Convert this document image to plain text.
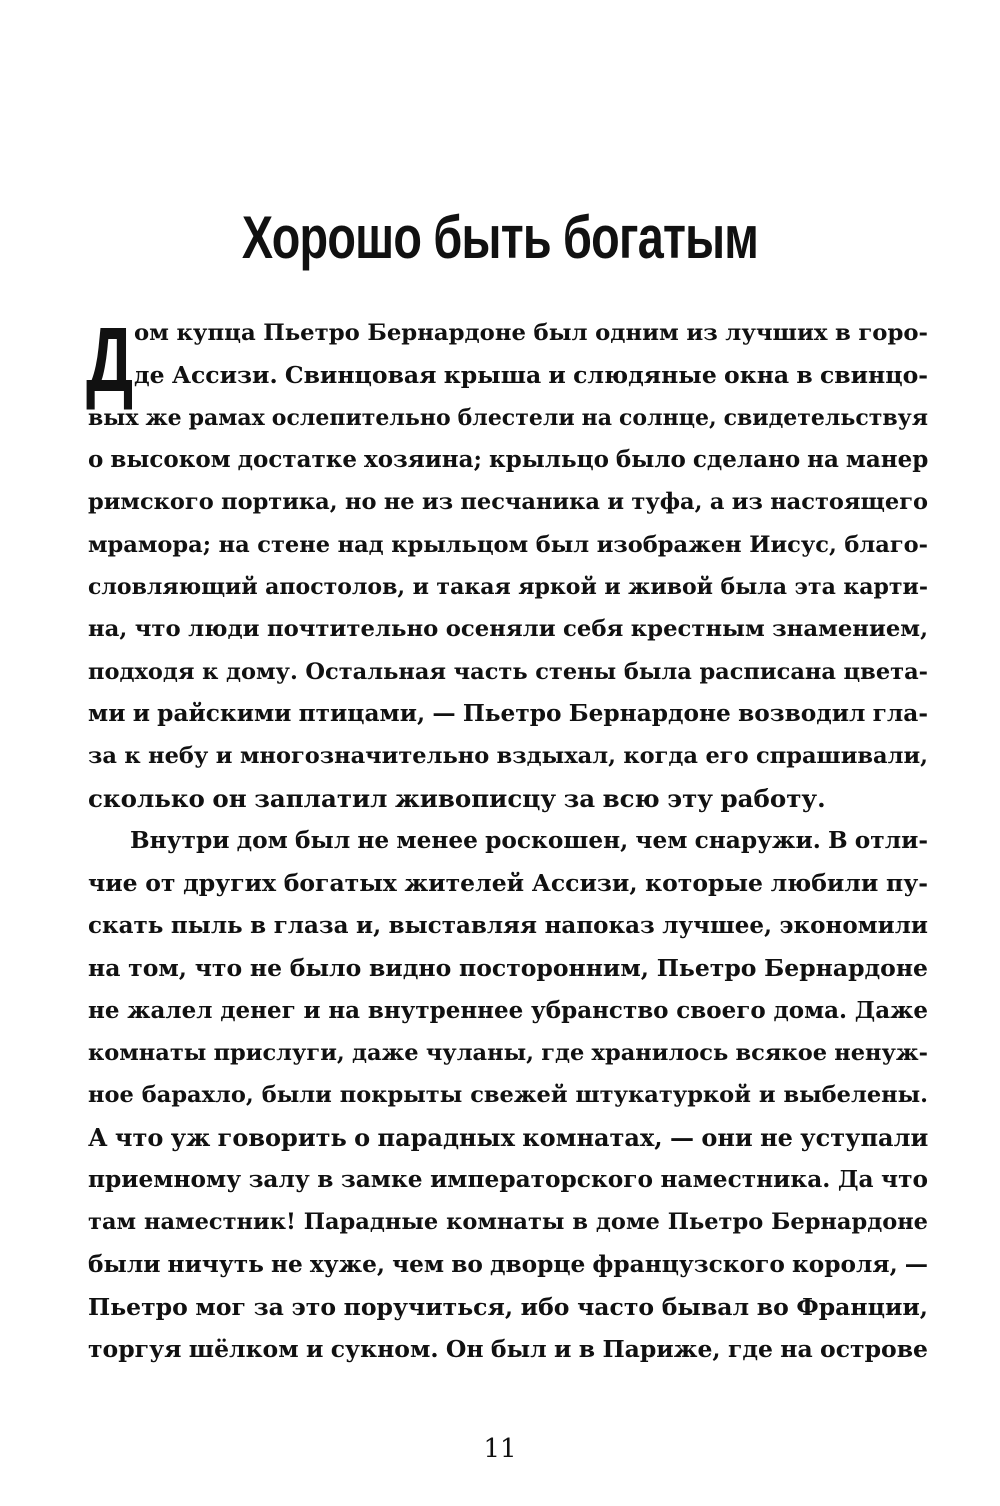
Хорошо быть богатым
Д ом купца Пьетро Бернардоне был одним из лучших в горо-
де Ассизи. Свинцовая крыша и слюдяные окна в свинцо-
вых же рамах ослепительно блестели на солнце, свидетельствуя
о высоком достатке хозяина; крыльцо было сделано на манер
римского портика, но не из песчаника и туфа, а из настоящего
мрамора; на стене над крыльцом был изображен Иисус, благо-
словляющий апостолов, и такая яркой и живой была эта карти-
на, что люди почтительно осеняли себя крестным знамением,
подходя к дому. Остальная часть стены была расписана цвета-
ми и райскими птицами, — Пьетро Бернардоне возводил гла-
за к небу и многозначительно вздыхал, когда его спрашивали,
сколько он заплатил живописцу за всю эту работу.
Внутри дом был не менее роскошен, чем снаружи. В отли-
чие от других богатых жителей Ассизи, которые любили пу-
скать пыль в глаза и, выставляя напоказ лучшее, экономили
на том, что не было видно посторонним, Пьетро Бернардоне
не жалел денег и на внутреннее убранство своего дома. Даже
комнаты прислуги, даже чуланы, где хранилось всякое ненуж-
ное барахло, были покрыты свежей штукатуркой и выбелены.
А что уж говорить о парадных комнатах, — они не уступали
приемному залу в замке императорского наместника. Да что
там наместник! Парадные комнаты в доме Пьетро Бернардоне
были ничуть не хуже, чем во дворце французского короля, —
Пьетро мог за это поручиться, ибо часто бывал во Франции,
торгуя шёлком и сукном. Он был и в Париже, где на острове
11
